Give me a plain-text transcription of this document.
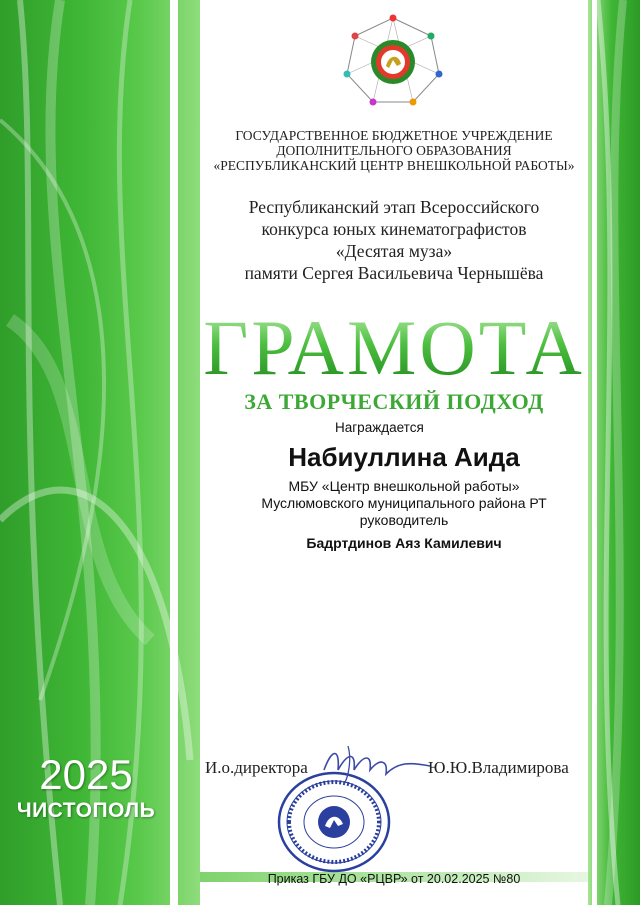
ГОСУДАРСТВЕННОЕ БЮДЖЕТНОЕ УЧРЕЖДЕНИЕ
ДОПОЛНИТЕЛЬНОГО ОБРАЗОВАНИЯ
«РЕСПУБЛИКАНСКИЙ ЦЕНТР ВНЕШКОЛЬНОЙ РАБОТЫ»
Республиканский этап Всероссийского
конкурса юных кинематографистов
«Десятая муза»
памяти Сергея Васильевича Чернышёва
ГРАМОТА
ЗА ТВОРЧЕСКИЙ ПОДХОД
Награждается
Набиуллина Аида
МБУ «Центр внешкольной работы»
Муслюмовского муниципального района РТ
руководитель
Бадртдинов Аяз Камилевич
2025
ЧИСТОПОЛЬ
И.о.директора	Ю.Ю.Владимирова
Приказ ГБУ ДО «РЦВР» от 20.02.2025 №80
